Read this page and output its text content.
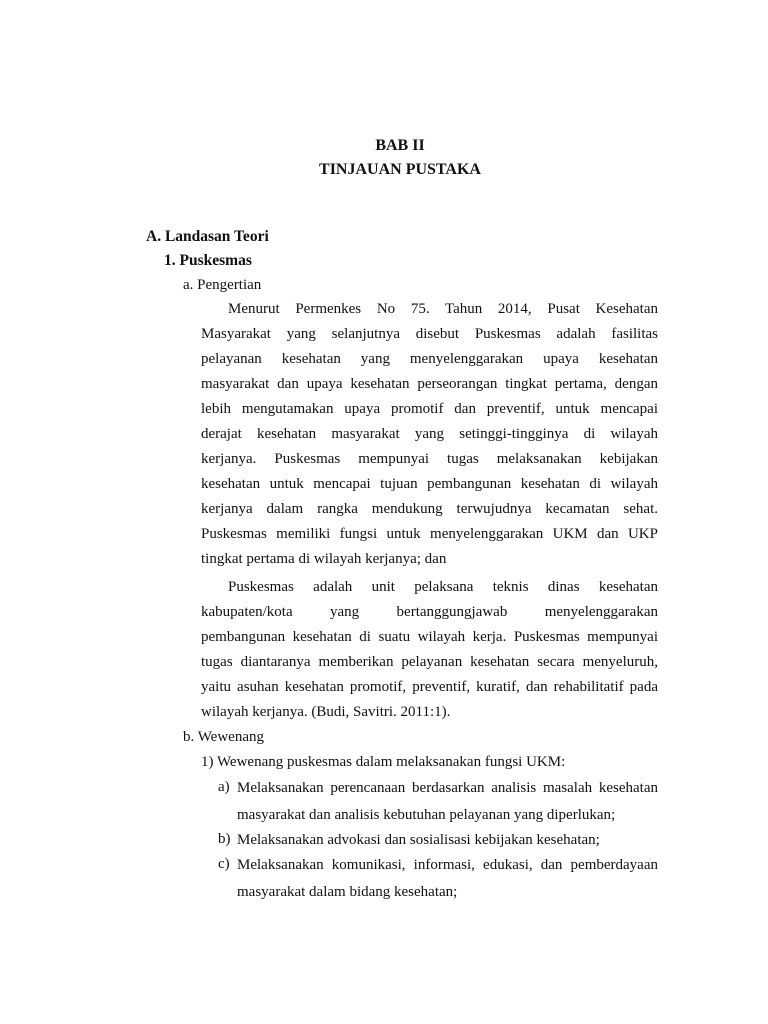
BAB II
TINJAUAN PUSTAKA
A. Landasan Teori
1. Puskesmas
a. Pengertian
Menurut Permenkes No 75. Tahun 2014, Pusat Kesehatan
Masyarakat yang selanjutnya disebut Puskesmas adalah fasilitas
pelayanan kesehatan yang menyelenggarakan upaya kesehatan
masyarakat dan upaya kesehatan perseorangan tingkat pertama, dengan
lebih mengutamakan upaya promotif dan preventif, untuk mencapai
derajat kesehatan masyarakat yang setinggi-tingginya di wilayah
kerjanya. Puskesmas mempunyai tugas melaksanakan kebijakan
kesehatan untuk mencapai tujuan pembangunan kesehatan di wilayah
kerjanya dalam rangka mendukung terwujudnya kecamatan sehat.
Puskesmas memiliki fungsi untuk menyelenggarakan UKM dan UKP
tingkat pertama di wilayah kerjanya; dan
Puskesmas adalah unit pelaksana teknis dinas kesehatan
kabupaten/kota yang bertanggungjawab menyelenggarakan
pembangunan kesehatan di suatu wilayah kerja. Puskesmas mempunyai
tugas diantaranya memberikan pelayanan kesehatan secara menyeluruh,
yaitu asuhan kesehatan promotif, preventif, kuratif, dan rehabilitatif pada
wilayah kerjanya. (Budi, Savitri. 2011:1).
b. Wewenang
1) Wewenang puskesmas dalam melaksanakan fungsi UKM:
a) Melaksanakan perencanaan berdasarkan analisis masalah kesehatan
masyarakat dan analisis kebutuhan pelayanan yang diperlukan;
b) Melaksanakan advokasi dan sosialisasi kebijakan kesehatan;
c) Melaksanakan komunikasi, informasi, edukasi, dan pemberdayaan
masyarakat dalam bidang kesehatan;
